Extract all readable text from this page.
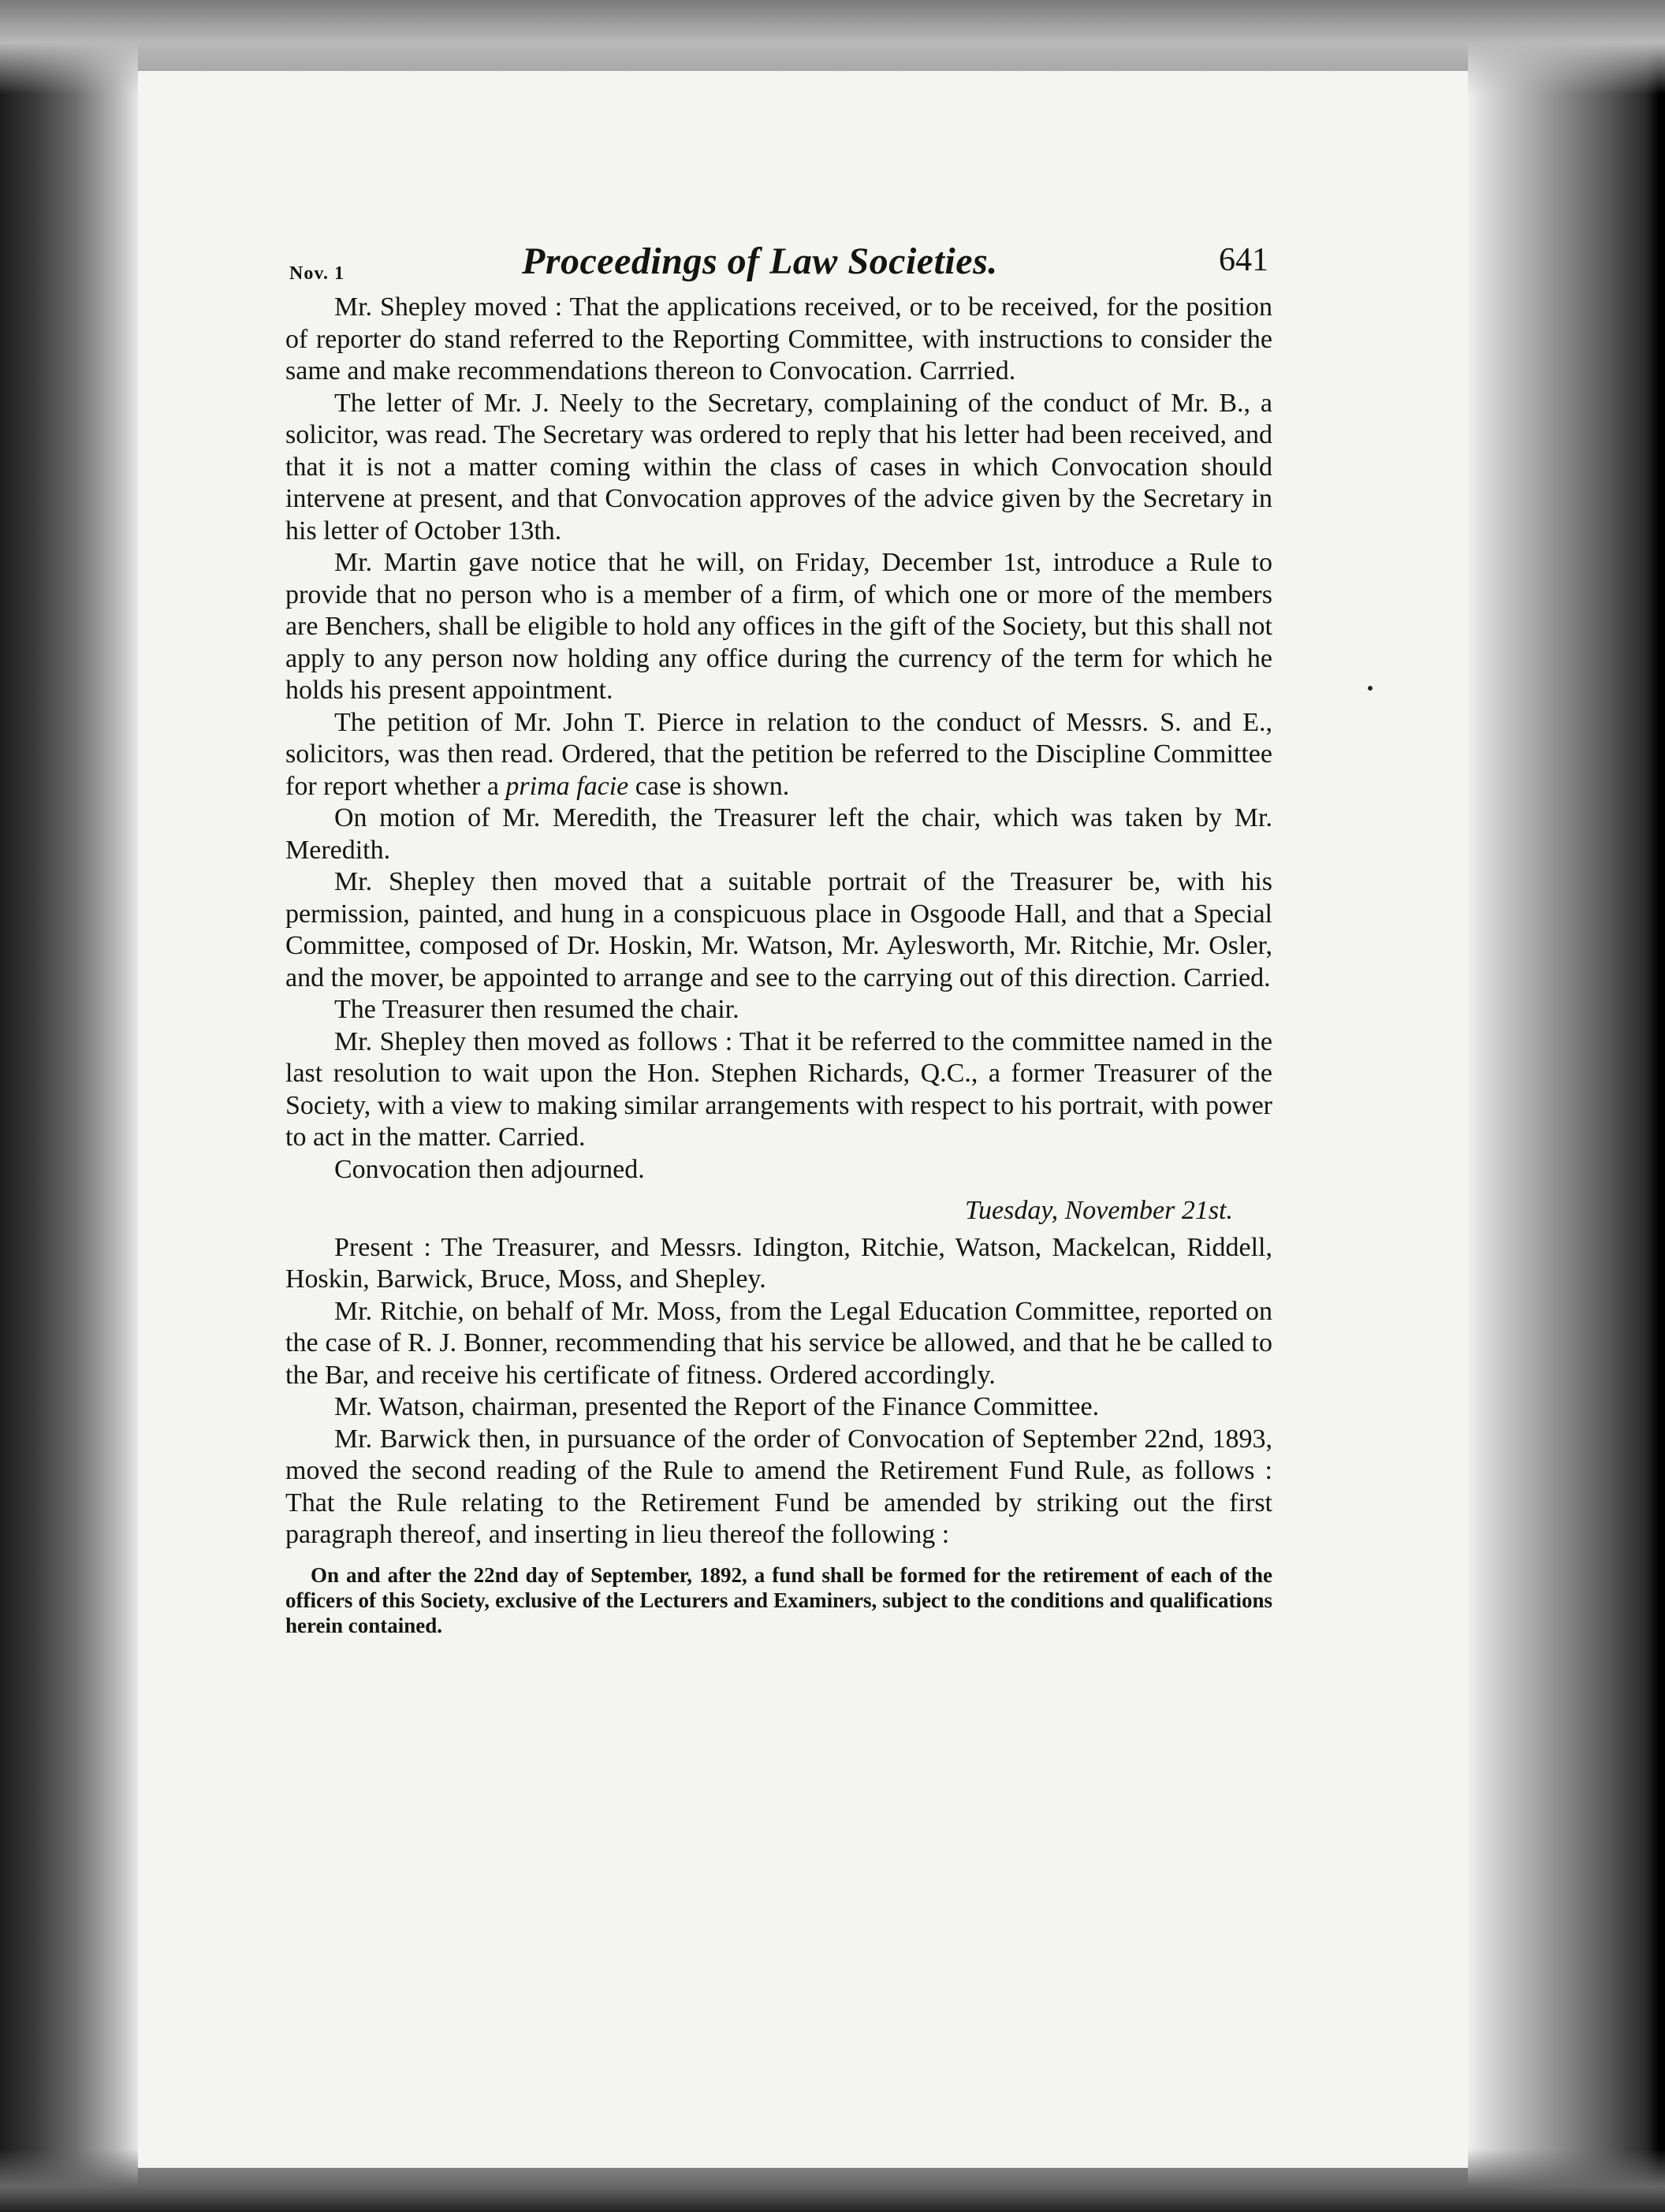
Nov. 1	Proceedings of Law Societies.	641

Mr. Shepley moved : That the applications received, or to be received, for the position of reporter do stand referred to the Reporting Committee, with instructions to consider the same and make recommendations thereon to Convocation. Carrried.

The letter of Mr. J. Neely to the Secretary, complaining of the conduct of Mr. B., a solicitor, was read. The Secretary was ordered to reply that his letter had been received, and that it is not a matter coming within the class of cases in which Convocation should intervene at present, and that Convocation approves of the advice given by the Secretary in his letter of October 13th.

Mr. Martin gave notice that he will, on Friday, December 1st, introduce a Rule to provide that no person who is a member of a firm, of which one or more of the members are Benchers, shall be eligible to hold any offices in the gift of the Society, but this shall not apply to any person now holding any office during the currency of the term for which he holds his present appointment.

The petition of Mr. John T. Pierce in relation to the conduct of Messrs. S. and E., solicitors, was then read. Ordered, that the petition be referred to the Discipline Committee for report whether a prima facie case is shown.

On motion of Mr. Meredith, the Treasurer left the chair, which was taken by Mr. Meredith.

Mr. Shepley then moved that a suitable portrait of the Treasurer be, with his permission, painted, and hung in a conspicuous place in Osgoode Hall, and that a Special Committee, composed of Dr. Hoskin, Mr. Watson, Mr. Aylesworth, Mr. Ritchie, Mr. Osler, and the mover, be appointed to arrange and see to the carrying out of this direction. Carried.

The Treasurer then resumed the chair.

Mr. Shepley then moved as follows : That it be referred to the committee named in the last resolution to wait upon the Hon. Stephen Richards, Q.C., a former Treasurer of the Society, with a view to making similar arrangements with respect to his portrait, with power to act in the matter. Carried.

Convocation then adjourned.

Tuesday, November 21st.

Present : The Treasurer, and Messrs. Idington, Ritchie, Watson, Mackelcan, Riddell, Hoskin, Barwick, Bruce, Moss, and Shepley.

Mr. Ritchie, on behalf of Mr. Moss, from the Legal Education Committee, reported on the case of R. J. Bonner, recommending that his service be allowed, and that he be called to the Bar, and receive his certificate of fitness. Ordered accordingly.

Mr. Watson, chairman, presented the Report of the Finance Committee.

Mr. Barwick then, in pursuance of the order of Convocation of September 22nd, 1893, moved the second reading of the Rule to amend the Retirement Fund Rule, as follows : That the Rule relating to the Retirement Fund be amended by striking out the first paragraph thereof, and inserting in lieu thereof the following :

On and after the 22nd day of September, 1892, a fund shall be formed for the retirement of each of the officers of this Society, exclusive of the Lecturers and Examiners, subject to the conditions and qualifications herein contained.
